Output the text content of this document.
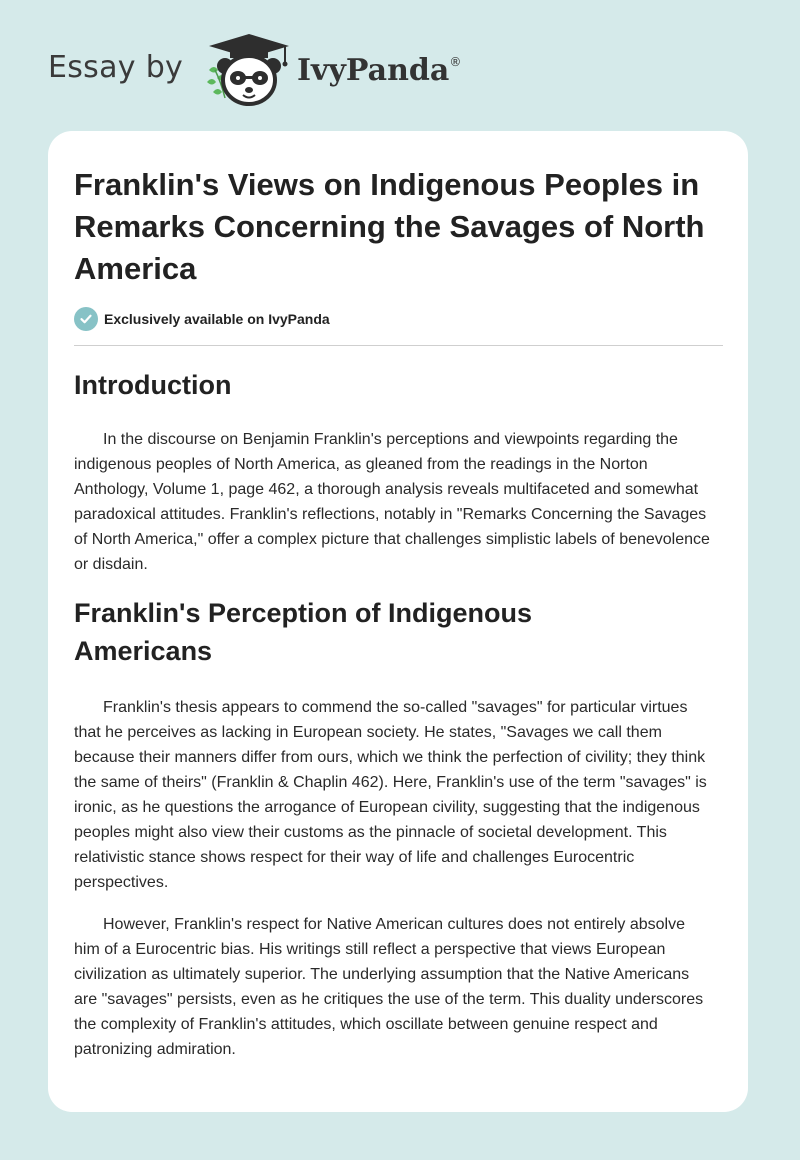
Essay by	IvyPanda®
Franklin's Views on Indigenous Peoples in Remarks Concerning the Savages of North America
Exclusively available on IvyPanda
Introduction

In the discourse on Benjamin Franklin's perceptions and viewpoints regarding the indigenous peoples of North America, as gleaned from the readings in the Norton Anthology, Volume 1, page 462, a thorough analysis reveals multifaceted and somewhat paradoxical attitudes. Franklin's reflections, notably in "Remarks Concerning the Savages of North America," offer a complex picture that challenges simplistic labels of benevolence or disdain.

Franklin's Perception of Indigenous Americans

Franklin's thesis appears to commend the so-called "savages" for particular virtues that he perceives as lacking in European society. He states, "Savages we call them because their manners differ from ours, which we think the perfection of civility; they think the same of theirs" (Franklin & Chaplin 462). Here, Franklin's use of the term "savages" is ironic, as he questions the arrogance of European civility, suggesting that the indigenous peoples might also view their customs as the pinnacle of societal development. This relativistic stance shows respect for their way of life and challenges Eurocentric perspectives.

However, Franklin's respect for Native American cultures does not entirely absolve him of a Eurocentric bias. His writings still reflect a perspective that views European civilization as ultimately superior. The underlying assumption that the Native Americans are "savages" persists, even as he critiques the use of the term. This duality underscores the complexity of Franklin's attitudes, which oscillate between genuine respect and patronizing admiration.
